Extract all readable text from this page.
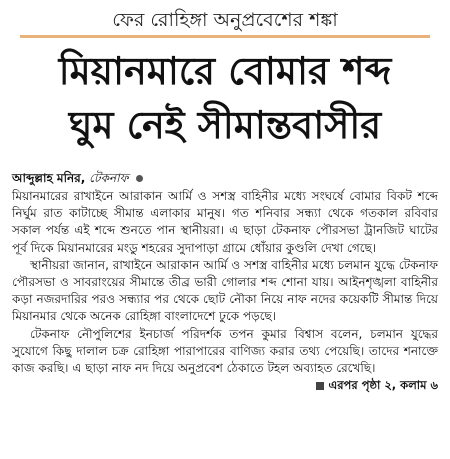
ফের রোহিঙ্গা অনুপ্রবেশের শঙ্কা
মিয়ানমারে বোমার শব্দ
ঘুম নেই সীমান্তবাসীর
আব্দুল্লাহ মনির, টেকনাফ

মিয়ানমারের রাখাইনে আরাকান আর্মি ও সশস্ত্র বাহিনীর মধ্যে সংঘর্ষে বোমার বিকট শব্দে নির্ঘুম রাত কাটাচ্ছে সীমান্ত এলাকার মানুষ। গত শনিবার সন্ধ্যা থেকে গতকাল রবিবার সকাল পর্যন্ত এই শব্দে শুনতে পান স্থানীয়রা। এ ছাড়া টেকনাফ পৌরসভা ট্রানজিট ঘাটের পূর্ব দিকে মিয়ানমারের মংডু শহরের সুদাপাড়া গ্রামে ধোঁয়ার কুণ্ডলি দেখা গেছে।

স্থানীয়রা জানান, রাখাইনে আরাকান আর্মি ও সশস্ত্র বাহিনীর মধ্যে চলমান যুদ্ধে টেকনাফ পৌরসভা ও সাবরাংয়ের সীমান্তে তীব্র ভারী গোলার শব্দ শোনা যায়। আইনশৃঙ্খলা বাহিনীর কড়া নজরদারির পরও সন্ধ্যার পর থেকে ছোট নৌকা নিয়ে নাফ নদের কয়েকটি সীমান্ত দিয়ে মিয়ানমার থেকে অনেক রোহিঙ্গা বাংলাদেশে ঢুকে পড়ছে।

টেকনাফ নৌপুলিশের ইনচার্জ পরিদর্শক তপন কুমার বিশ্বাস বলেন, চলমান যুদ্ধের সুযোগে কিছু দালাল চক্র রোহিঙ্গা পারাপারের বাণিজ্য করার তথ্য পেয়েছি। তাদের শনাক্তে কাজ করছি। এ ছাড়া নাফ নদ দিয়ে অনুপ্রবেশ ঠেকাতে টহল অব্যাহত রেখেছি।
এরপর পৃষ্ঠা ২, কলাম ৬
